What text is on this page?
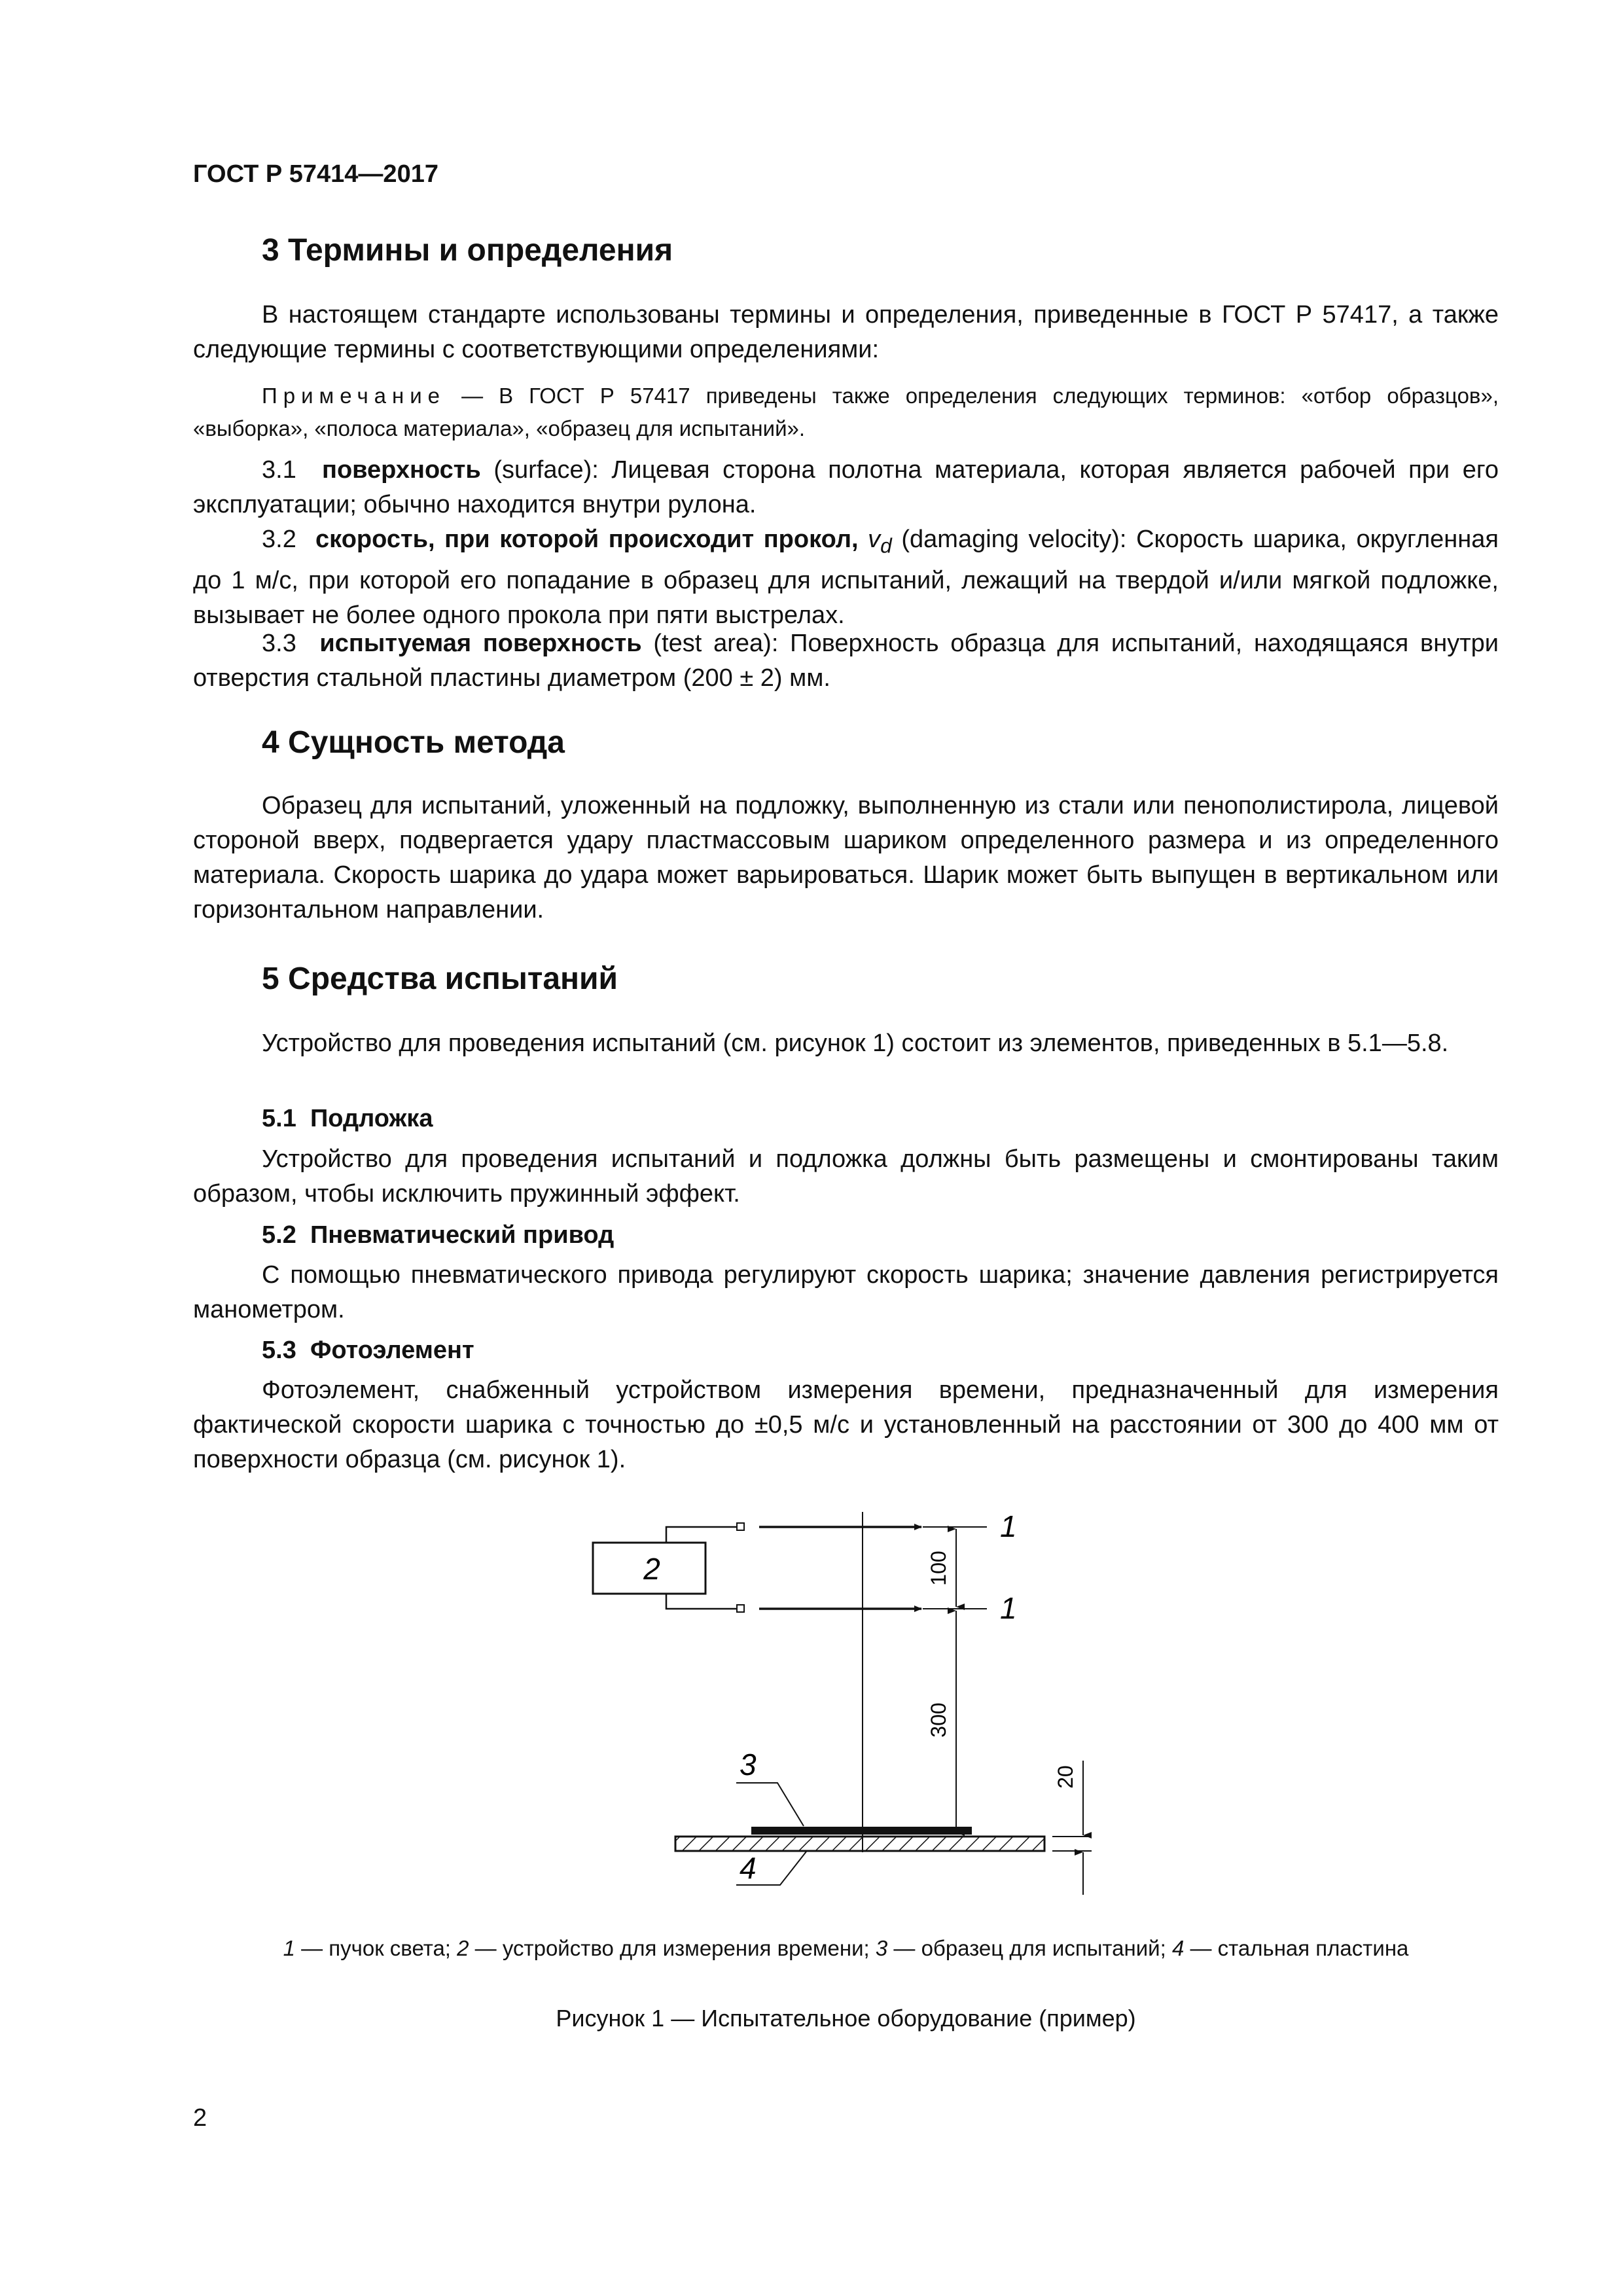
ГОСТ Р 57414—2017
3 Термины и определения
В настоящем стандарте использованы термины и определения, приведенные в ГОСТ Р 57417, а также следующие термины с соответствующими определениями:
Примечание — В ГОСТ Р 57417 приведены также определения следующих терминов: «отбор образцов», «выборка», «полоса материала», «образец для испытаний».
3.1 поверхность (surface): Лицевая сторона полотна материала, которая является рабочей при его эксплуатации; обычно находится внутри рулона.
3.2 скорость, при которой происходит прокол, $v_d$ (damaging velocity): Скорость шарика, округленная до 1 м/с, при которой его попадание в образец для испытаний, лежащий на твердой и/или мягкой подложке, вызывает не более одного прокола при пяти выстрелах.
3.3 испытуемая поверхность (test area): Поверхность образца для испытаний, находящаяся внутри отверстия стальной пластины диаметром (200 ± 2) мм.
4 Сущность метода
Образец для испытаний, уложенный на подложку, выполненную из стали или пенополистирола, лицевой стороной вверх, подвергается удару пластмассовым шариком определенного размера и из определенного материала. Скорость шарика до удара может варьироваться. Шарик может быть выпущен в вертикальном или горизонтальном направлении.
5 Средства испытаний
Устройство для проведения испытаний (см. рисунок 1) состоит из элементов, приведенных в 5.1—5.8.
5.1 Подложка
Устройство для проведения испытаний и подложка должны быть размещены и смонтированы таким образом, чтобы исключить пружинный эффект.
5.2 Пневматический привод
С помощью пневматического привода регулируют скорость шарика; значение давления регистрируется манометром.
5.3 Фотоэлемент
Фотоэлемент, снабженный устройством измерения времени, предназначенный для измерения фактической скорости шарика с точностью до ±0,5 м/с и установленный на расстоянии от 300 до 400 мм от поверхности образца (см. рисунок 1).
2
1
1
100
300
3
4
20
1 — пучок света; 2 — устройство для измерения времени; 3 — образец для испытаний; 4 — стальная пластина
Рисунок 1 — Испытательное оборудование (пример)
2
